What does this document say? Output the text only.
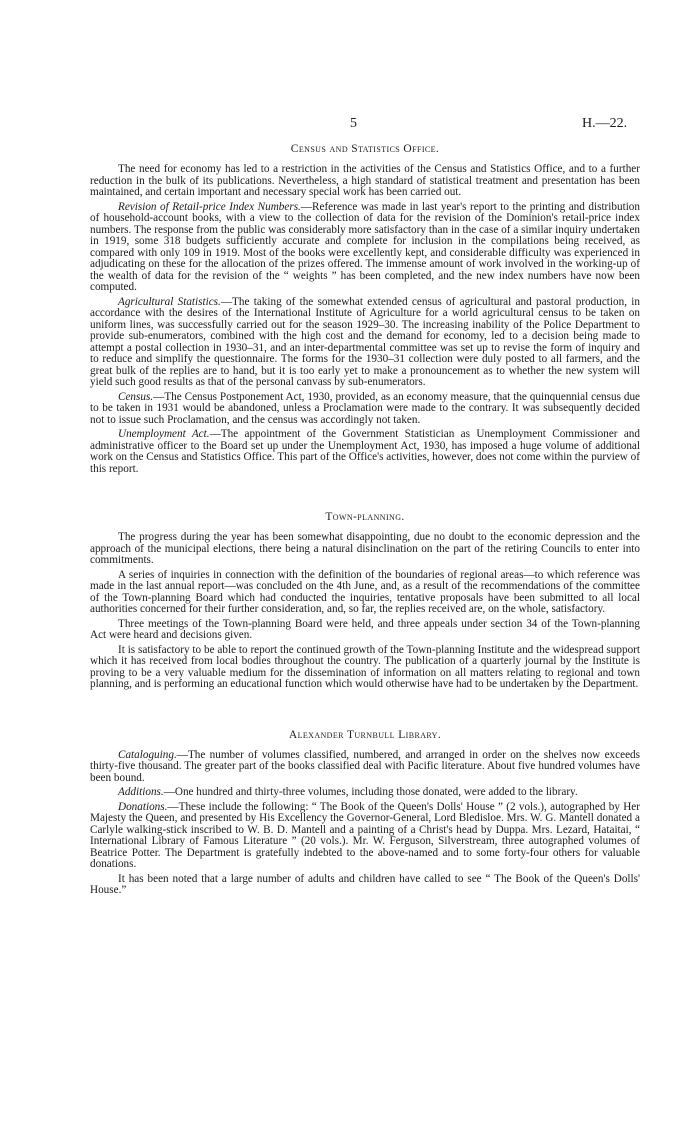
5	H.—22.
Census and Statistics Office.

The need for economy has led to a restriction in the activities of the Census and Statistics Office, and to a further reduction in the bulk of its publications. Nevertheless, a high standard of statistical treatment and presentation has been maintained, and certain important and necessary special work has been carried out.

Revision of Retail-price Index Numbers.—Reference was made in last year's report to the printing and distribution of household-account books, with a view to the collection of data for the revision of the Dominion's retail-price index numbers. The response from the public was considerably more satisfactory than in the case of a similar inquiry undertaken in 1919, some 318 budgets sufficiently accurate and complete for inclusion in the compilations being received, as compared with only 109 in 1919. Most of the books were excellently kept, and considerable difficulty was experienced in adjudicating on these for the allocation of the prizes offered. The immense amount of work involved in the working-up of the wealth of data for the revision of the “ weights ” has been completed, and the new index numbers have now been computed.

Agricultural Statistics.—The taking of the somewhat extended census of agricultural and pastoral production, in accordance with the desires of the International Institute of Agriculture for a world agricultural census to be taken on uniform lines, was successfully carried out for the season 1929–30. The increasing inability of the Police Department to provide sub-enumerators, combined with the high cost and the demand for economy, led to a decision being made to attempt a postal collection in 1930–31, and an inter-departmental committee was set up to revise the form of inquiry and to reduce and simplify the questionnaire. The forms for the 1930–31 collection were duly posted to all farmers, and the great bulk of the replies are to hand, but it is too early yet to make a pronouncement as to whether the new system will yield such good results as that of the personal canvass by sub-enumerators.

Census.—The Census Postponement Act, 1930, provided, as an economy measure, that the quinquennial census due to be taken in 1931 would be abandoned, unless a Proclamation were made to the contrary. It was subsequently decided not to issue such Proclamation, and the census was accordingly not taken.

Unemployment Act.—The appointment of the Government Statistician as Unemployment Commissioner and administrative officer to the Board set up under the Unemployment Act, 1930, has imposed a huge volume of additional work on the Census and Statistics Office. This part of the Office's activities, however, does not come within the purview of this report.

Town-planning.

The progress during the year has been somewhat disappointing, due no doubt to the economic depression and the approach of the municipal elections, there being a natural disinclination on the part of the retiring Councils to enter into commitments.

A series of inquiries in connection with the definition of the boundaries of regional areas—to which reference was made in the last annual report—was concluded on the 4th June, and, as a result of the recommendations of the committee of the Town-planning Board which had conducted the inquiries, tentative proposals have been submitted to all local authorities concerned for their further consideration, and, so far, the replies received are, on the whole, satisfactory.

Three meetings of the Town-planning Board were held, and three appeals under section 34 of the Town-planning Act were heard and decisions given.

It is satisfactory to be able to report the continued growth of the Town-planning Institute and the widespread support which it has received from local bodies throughout the country. The publication of a quarterly journal by the Institute is proving to be a very valuable medium for the dissemination of information on all matters relating to regional and town planning, and is performing an educational function which would otherwise have had to be undertaken by the Department.

Alexander Turnbull Library.

Cataloguing.—The number of volumes classified, numbered, and arranged in order on the shelves now exceeds thirty-five thousand. The greater part of the books classified deal with Pacific literature. About five hundred volumes have been bound.

Additions.—One hundred and thirty-three volumes, including those donated, were added to the library.

Donations.—These include the following: “ The Book of the Queen's Dolls' House ” (2 vols.), autographed by Her Majesty the Queen, and presented by His Excellency the Governor-General, Lord Bledisloe. Mrs. W. G. Mantell donated a Carlyle walking-stick inscribed to W. B. D. Mantell and a painting of a Christ's head by Duppa. Mrs. Lezard, Hataitai, “ International Library of Famous Literature ” (20 vols.). Mr. W. Ferguson, Silverstream, three autographed volumes of Beatrice Potter. The Department is gratefully indebted to the above-named and to some forty-four others for valuable donations.

It has been noted that a large number of adults and children have called to see “ The Book of the Queen's Dolls' House.”
